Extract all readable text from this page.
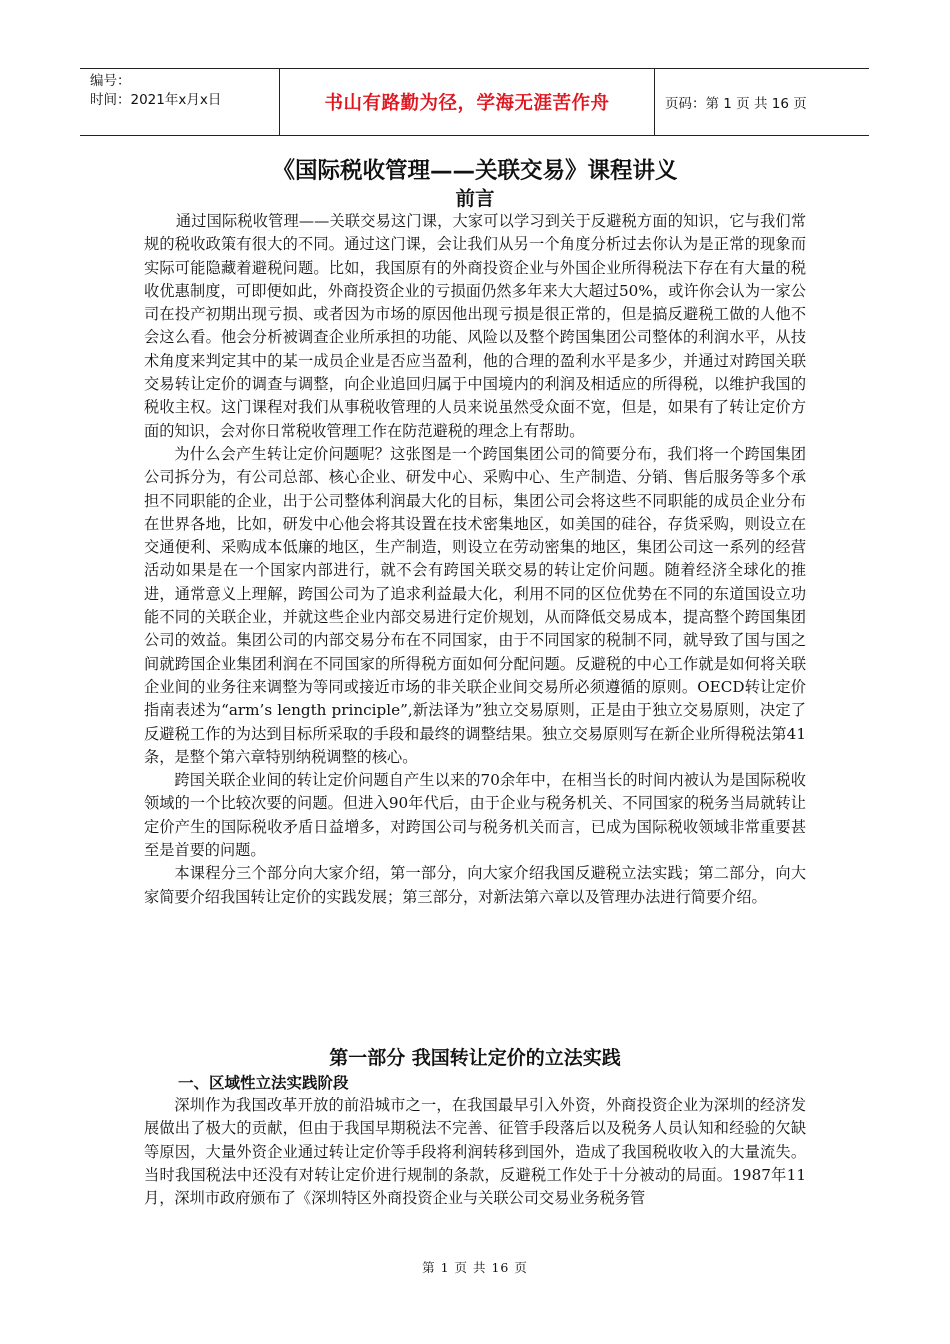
编号：
时间：2021年x月x日	书山有路勤为径，学海无涯苦作舟	页码：第 1 页 共 16 页
《国际税收管理——关联交易》课程讲义
前言

通过国际税收管理——关联交易这门课，大家可以学习到关于反避税方面的知识，它与我们常规的税收政策有很大的不同。通过这门课，会让我们从另一个角度分析过去你认为是正常的现象而实际可能隐藏着避税问题。比如，我国原有的外商投资企业与外国企业所得税法下存在有大量的税收优惠制度，可即便如此，外商投资企业的亏损面仍然多年来大大超过50%，或许你会认为一家公司在投产初期出现亏损、或者因为市场的原因他出现亏损是很正常的，但是搞反避税工做的人他不会这么看。他会分析被调查企业所承担的功能、风险以及整个跨国集团公司整体的利润水平，从技术角度来判定其中的某一成员企业是否应当盈利，他的合理的盈利水平是多少，并通过对跨国关联交易转让定价的调查与调整，向企业追回归属于中国境内的利润及相适应的所得税，以维护我国的税收主权。这门课程对我们从事税收管理的人员来说虽然受众面不宽，但是，如果有了转让定价方面的知识，会对你日常税收管理工作在防范避税的理念上有帮助。

为什么会产生转让定价问题呢？这张图是一个跨国集团公司的简要分布，我们将一个跨国集团公司拆分为，有公司总部、核心企业、研发中心、采购中心、生产制造、分销、售后服务等多个承担不同职能的企业，出于公司整体利润最大化的目标，集团公司会将这些不同职能的成员企业分布在世界各地，比如，研发中心他会将其设置在技术密集地区，如美国的硅谷，存货采购，则设立在交通便利、采购成本低廉的地区，生产制造，则设立在劳动密集的地区，集团公司这一系列的经营活动如果是在一个国家内部进行，就不会有跨国关联交易的转让定价问题。随着经济全球化的推进，通常意义上理解，跨国公司为了追求利益最大化，利用不同的区位优势在不同的东道国设立功能不同的关联企业，并就这些企业内部交易进行定价规划，从而降低交易成本，提高整个跨国集团公司的效益。集团公司的内部交易分布在不同国家，由于不同国家的税制不同，就导致了国与国之间就跨国企业集团利润在不同国家的所得税方面如何分配问题。反避税的中心工作就是如何将关联企业间的业务往来调整为等同或接近市场的非关联企业间交易所必须遵循的原则。OECD转让定价指南表述为“arm’s length principle”,新法译为”独立交易原则，正是由于独立交易原则，决定了反避税工作的为达到目标所采取的手段和最终的调整结果。独立交易原则写在新企业所得税法第41条，是整个第六章特别纳税调整的核心。

跨国关联企业间的转让定价问题自产生以来的70余年中，在相当长的时间内被认为是国际税收领域的一个比较次要的问题。但进入90年代后，由于企业与税务机关、不同国家的税务当局就转让定价产生的国际税收矛盾日益增多，对跨国公司与税务机关而言，已成为国际税收领域非常重要甚至是首要的问题。

本课程分三个部分向大家介绍，第一部分，向大家介绍我国反避税立法实践；第二部分，向大家简要介绍我国转让定价的实践发展；第三部分，对新法第六章以及管理办法进行简要介绍。

第一部分 我国转让定价的立法实践
一、区域性立法实践阶段

深圳作为我国改革开放的前沿城市之一，在我国最早引入外资，外商投资企业为深圳的经济发展做出了极大的贡献，但由于我国早期税法不完善、征管手段落后以及税务人员认知和经验的欠缺等原因，大量外资企业通过转让定价等手段将利润转移到国外，造成了我国税收收入的大量流失。当时我国税法中还没有对转让定价进行规制的条款，反避税工作处于十分被动的局面。1987年11月，深圳市政府颁布了《深圳特区外商投资企业与关联公司交易业务税务管

第 1 页 共 16 页
